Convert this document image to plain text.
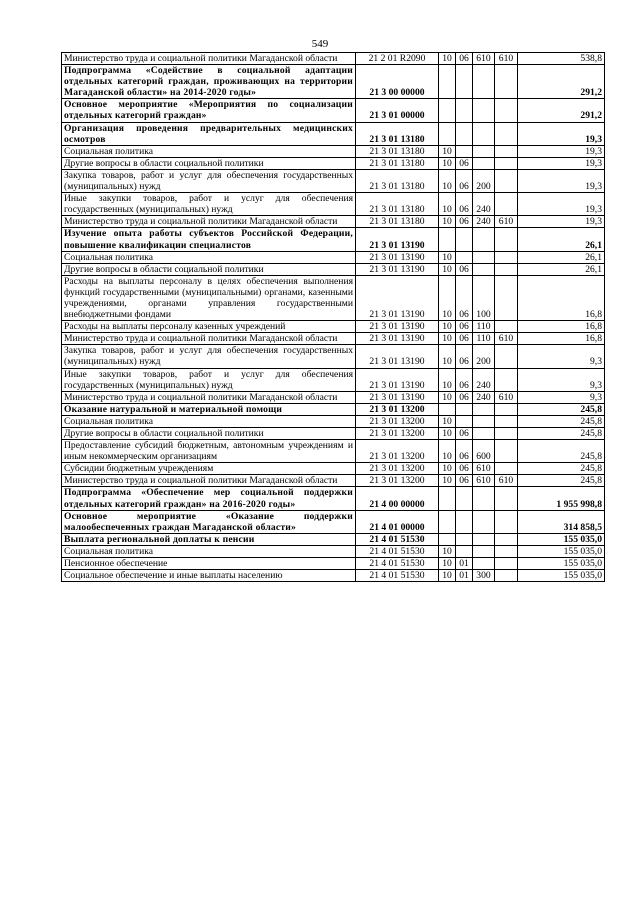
549
Министерство труда и социальной политики Магаданской области	21 2 01 R2090	10	06	610	610	538,8
Подпрограмма «Содействие в социальной адаптации отдельных категорий граждан, проживающих на территории Магаданской области» на 2014-2020 годы»	21 3 00 00000					291,2
Основное мероприятие «Мероприятия по социализации отдельных категорий граждан»	21 3 01 00000					291,2
Организация проведения предварительных медицинских осмотров	21 3 01 13180					19,3
Социальная политика	21 3 01 13180	10				19,3
Другие вопросы в области социальной политики	21 3 01 13180	10	06			19,3
Закупка товаров, работ и услуг для обеспечения государственных (муниципальных) нужд	21 3 01 13180	10	06	200		19,3
Иные закупки товаров, работ и услуг для обеспечения государственных (муниципальных) нужд	21 3 01 13180	10	06	240		19,3
Министерство труда и социальной политики Магаданской области	21 3 01 13180	10	06	240	610	19,3
Изучение опыта работы субъектов Российской Федерации, повышение квалификации специалистов	21 3 01 13190					26,1
Социальная политика	21 3 01 13190	10				26,1
Другие вопросы в области социальной политики	21 3 01 13190	10	06			26,1
Расходы на выплаты персоналу в целях обеспечения выполнения функций государственными (муниципальными) органами, казенными учреждениями, органами управления государственными внебюджетными фондами	21 3 01 13190	10	06	100		16,8
Расходы на выплаты персоналу казенных учреждений	21 3 01 13190	10	06	110		16,8
Министерство труда и социальной политики Магаданской области	21 3 01 13190	10	06	110	610	16,8
Закупка товаров, работ и услуг для обеспечения государственных (муниципальных) нужд	21 3 01 13190	10	06	200		9,3
Иные закупки товаров, работ и услуг для обеспечения государственных (муниципальных) нужд	21 3 01 13190	10	06	240		9,3
Министерство труда и социальной политики Магаданской области	21 3 01 13190	10	06	240	610	9,3
Оказание натуральной и материальной помощи	21 3 01 13200					245,8
Социальная политика	21 3 01 13200	10				245,8
Другие вопросы в области социальной политики	21 3 01 13200	10	06			245,8
Предоставление субсидий бюджетным, автономным учреждениям и иным некоммерческим организациям	21 3 01 13200	10	06	600		245,8
Субсидии бюджетным учреждениям	21 3 01 13200	10	06	610		245,8
Министерство труда и социальной политики Магаданской области	21 3 01 13200	10	06	610	610	245,8
Подпрограмма «Обеспечение мер социальной поддержки отдельных категорий граждан» на 2016-2020 годы»	21 4 00 00000					1 955 998,8
Основное мероприятие «Оказание поддержки малообеспеченных граждан Магаданской области»	21 4 01 00000					314 858,5
Выплата региональной доплаты к пенсии	21 4 01 51530					155 035,0
Социальная политика	21 4 01 51530	10				155 035,0
Пенсионное обеспечение	21 4 01 51530	10	01			155 035,0
Социальное обеспечение и иные выплаты населению	21 4 01 51530	10	01	300		155 035,0
